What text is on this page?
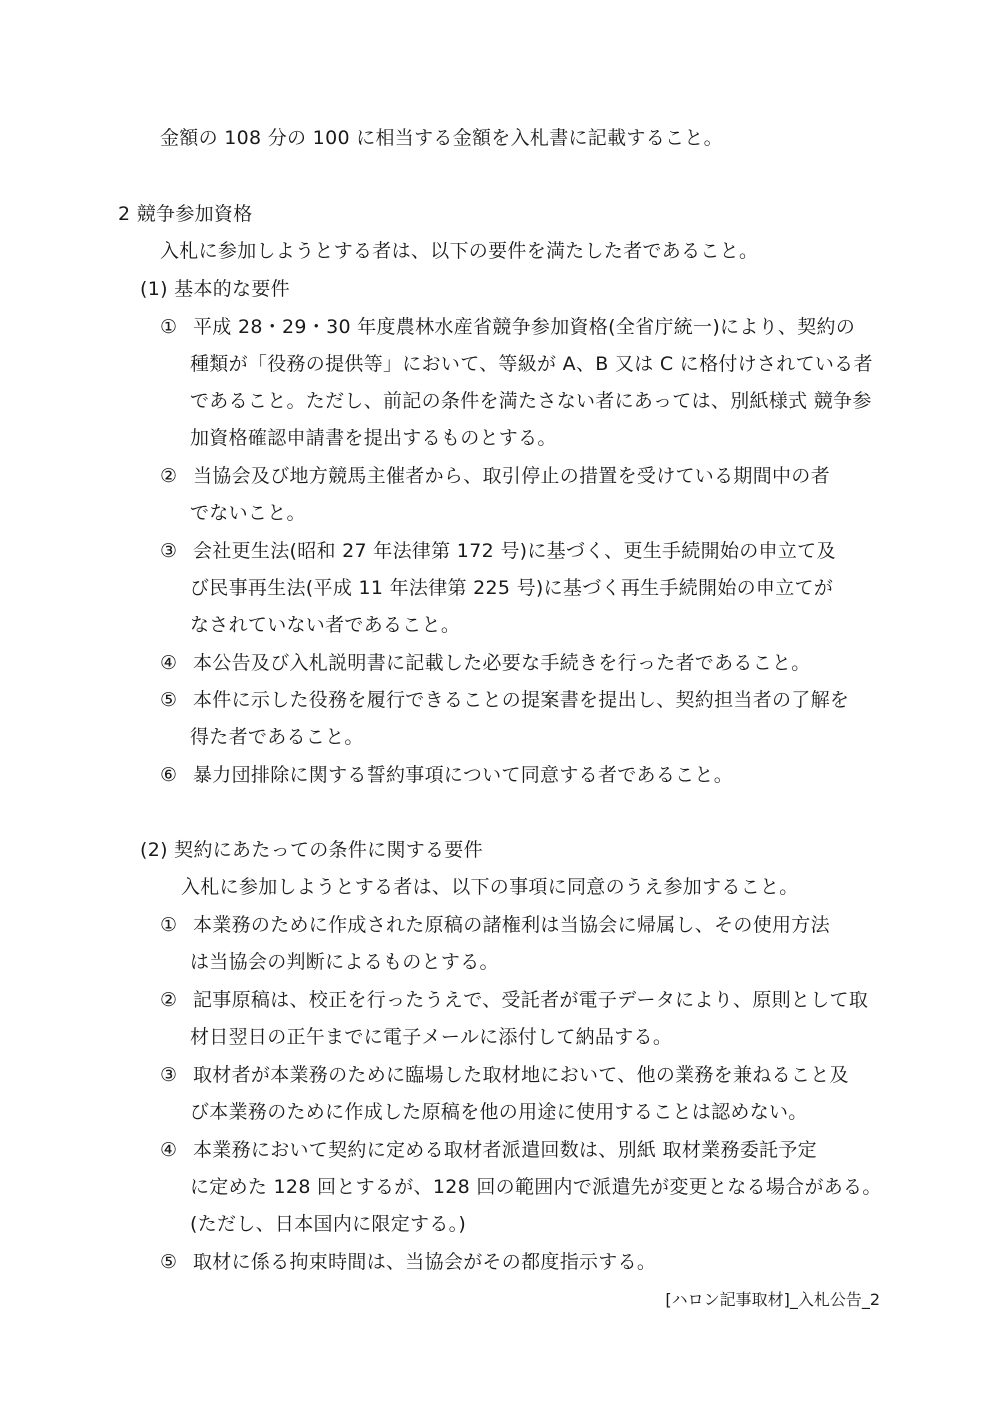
金額の 108 分の 100 に相当する金額を入札書に記載すること。
2 競争参加資格
入札に参加しようとする者は、以下の要件を満たした者であること。
(1) 基本的な要件
① 平成 28・29・30 年度農林水産省競争参加資格(全省庁統一)により、契約の
種類が「役務の提供等」において、等級が A、B 又は C に格付けされている者
であること。ただし、前記の条件を満たさない者にあっては、別紙様式 競争参
加資格確認申請書を提出するものとする。
② 当協会及び地方競馬主催者から、取引停止の措置を受けている期間中の者
でないこと。
③ 会社更生法(昭和 27 年法律第 172 号)に基づく、更生手続開始の申立て及
び民事再生法(平成 11 年法律第 225 号)に基づく再生手続開始の申立てが
なされていない者であること。
④ 本公告及び入札説明書に記載した必要な手続きを行った者であること。
⑤ 本件に示した役務を履行できることの提案書を提出し、契約担当者の了解を
得た者であること。
⑥ 暴力団排除に関する誓約事項について同意する者であること。
(2) 契約にあたっての条件に関する要件
入札に参加しようとする者は、以下の事項に同意のうえ参加すること。
① 本業務のために作成された原稿の諸権利は当協会に帰属し、その使用方法
は当協会の判断によるものとする。
② 記事原稿は、校正を行ったうえで、受託者が電子データにより、原則として取
材日翌日の正午までに電子メールに添付して納品する。
③ 取材者が本業務のために臨場した取材地において、他の業務を兼ねること及
び本業務のために作成した原稿を他の用途に使用することは認めない。
④ 本業務において契約に定める取材者派遣回数は、別紙 取材業務委託予定
に定めた 128 回とするが、128 回の範囲内で派遣先が変更となる場合がある。
(ただし、日本国内に限定する。)
⑤ 取材に係る拘束時間は、当協会がその都度指示する。
[ハロン記事取材]_入札公告_2
